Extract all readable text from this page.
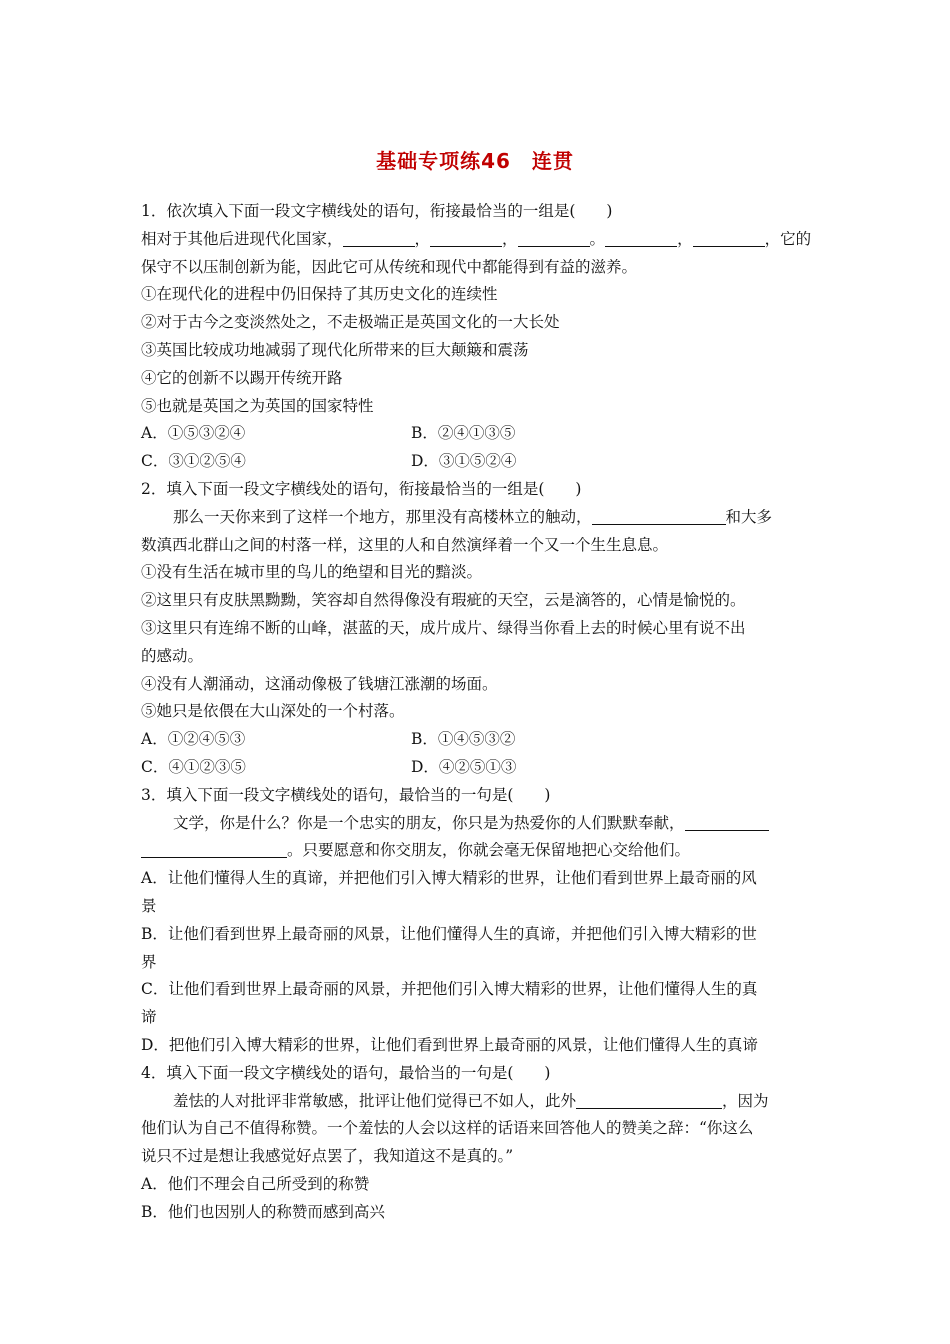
基础专项练46　连贯
1．依次填入下面一段文字横线处的语句，衔接最恰当的一组是(　　)
相对于其他后进现代化国家，	，	，	。	，	，它的
保守不以压制创新为能，因此它可从传统和现代中都能得到有益的滋养。
①在现代化的进程中仍旧保持了其历史文化的连续性
②对于古今之变淡然处之，不走极端正是英国文化的一大长处
③英国比较成功地减弱了现代化所带来的巨大颠簸和震荡
④它的创新不以踢开传统开路
⑤也就是英国之为英国的国家特性
A．①⑤③②④	B．②④①③⑤
C．③①②⑤④	D．③①⑤②④
2．填入下面一段文字横线处的语句，衔接最恰当的一组是(　　)
那么一天你来到了这样一个地方，那里没有高楼林立的触动，	和大多
数滇西北群山之间的村落一样，这里的人和自然演绎着一个又一个生生息息。
①没有生活在城市里的鸟儿的绝望和目光的黯淡。
②这里只有皮肤黑黝黝，笑容却自然得像没有瑕疵的天空，云是滴答的，心情是愉悦的。
③这里只有连绵不断的山峰，湛蓝的天，成片成片、绿得当你看上去的时候心里有说不出
的感动。
④没有人潮涌动，这涌动像极了钱塘江涨潮的场面。
⑤她只是依偎在大山深处的一个村落。
A．①②④⑤③	B．①④⑤③②
C．④①②③⑤	D．④②⑤①③
3．填入下面一段文字横线处的语句，最恰当的一句是(　　)
文学，你是什么？你是一个忠实的朋友，你只是为热爱你的人们默默奉献，
。只要愿意和你交朋友，你就会毫无保留地把心交给他们。
A．让他们懂得人生的真谛，并把他们引入博大精彩的世界，让他们看到世界上最奇丽的风
景
B．让他们看到世界上最奇丽的风景，让他们懂得人生的真谛，并把他们引入博大精彩的世
界
C．让他们看到世界上最奇丽的风景，并把他们引入博大精彩的世界，让他们懂得人生的真
谛
D．把他们引入博大精彩的世界，让他们看到世界上最奇丽的风景，让他们懂得人生的真谛
4．填入下面一段文字横线处的语句，最恰当的一句是(　　)
羞怯的人对批评非常敏感，批评让他们觉得已不如人，此外	，因为
他们认为自己不值得称赞。一个羞怯的人会以这样的话语来回答他人的赞美之辞：“你这么
说只不过是想让我感觉好点罢了，我知道这不是真的。”
A．他们不理会自己所受到的称赞
B．他们也因别人的称赞而感到高兴
